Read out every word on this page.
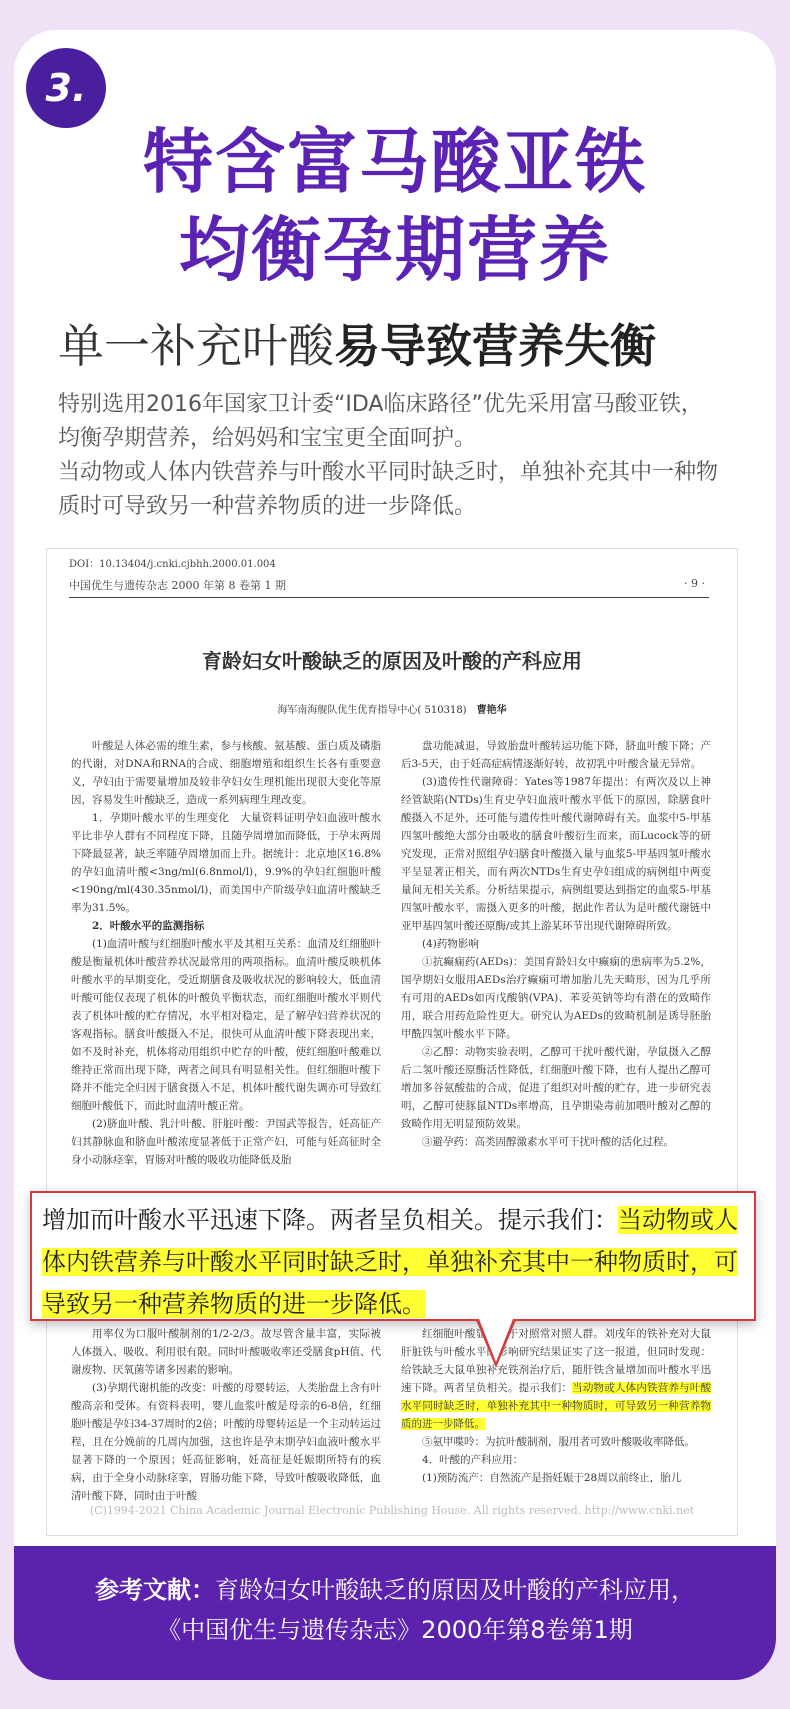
3.
特含富马酸亚铁
均衡孕期营养
单一补充叶酸易导致营养失衡

特别选用2016年国家卫计委“IDA临床路径”优先采用富马酸亚铁，均衡孕期营养，给妈妈和宝宝更全面呵护。

当动物或人体内铁营养与叶酸水平同时缺乏时，单独补充其中一种物质时可导致另一种营养物质的进一步降低。

DOI：10.13404/j.cnki.cjbhh.2000.01.004
中国优生与遗传杂志 2000 年第 8 卷第 1 期	· 9 ·
育龄妇女叶酸缺乏的原因及叶酸的产科应用
海军南海舰队优生优育指导中心( 510318) 曹艳华

叶酸是人体必需的维生素，参与核酸、氨基酸、蛋白质及磷脂的代谢，对DNA和RNA的合成、细胞增殖和组织生长各有重要意义，孕妇由于需要量增加及较非孕妇女生理机能出现很大变化等原因，容易发生叶酸缺乏，造成一系列病理生理改变。

1．孕期叶酸水平的生理变化　大量资料证明孕妇血液叶酸水平比非孕人群有不同程度下降，且随孕周增加而降低，于孕末两周下降最显著，缺乏率随孕周增加而上升。据统计：北京地区16.8%的孕妇血清叶酸<3ng/ml(6.8nmol/l)，9.9%的孕妇红细胞叶酸<190ng/ml(430.35nmol/l)，而美国中产阶级孕妇血清叶酸缺乏率为31.5%。

2．叶酸水平的监测指标

(1)血清叶酸与红细胞叶酸水平及其相互关系：血清及红细胞叶酸是衡量机体叶酸营养状况最常用的两项指标。血清叶酸反映机体叶酸水平的早期变化，受近期膳食及吸收状况的影响较大，低血清叶酸可能仅表现了机体的叶酸负平衡状态，而红细胞叶酸水平则代表了机体叶酸的贮存情况，水平相对稳定，是了解孕妇营养状况的客观指标。膳食叶酸摄入不足，很快可从血清叶酸下降表现出来，如不及时补充，机体将动用组织中贮存的叶酸，使红细胞叶酸难以维持正常而出现下降，两者之间具有明显相关性。但红细胞叶酸下降并不能完全归因于膳食摄入不足，机体叶酸代谢失调亦可导致红细胞叶酸低下，而此时血清叶酸正常。

(2)脐血叶酸、乳汁叶酸、肝脏叶酸：尹国武等报告，妊高征产妇其静脉血和脐血叶酸浓度显著低于正常产妇，可能与妊高征时全身小动脉痉挛，胃肠对叶酸的吸收功能降低及胎

盘功能减退，导致胎盘叶酸转运功能下降，脐血叶酸下降；产后3-5天，由于妊高症病情逐渐好转，故初乳中叶酸含量无异常。

(3)遗传性代谢障碍：Yates等1987年提出：有两次及以上神经管缺陷(NTDs)生育史孕妇血液叶酸水平低下的原因，除膳食叶酸摄入不足外，还可能与遗传性叶酸代谢障碍有关。血浆中5-甲基四氢叶酸绝大部分由吸收的膳食叶酸衍生而来，而Lucock等的研究发现，正常对照组孕妇膳食叶酸摄入量与血浆5-甲基四氢叶酸水平呈显著正相关，而有两次NTDs生育史孕妇组成的病例组中两变量间无相关关系。分析结果提示，病例组要达到指定的血浆5-甲基四氢叶酸水平，需摄入更多的叶酸，据此作者认为是叶酸代谢链中亚甲基四氢叶酸还原酶/或其上游某环节出现代谢障碍所致。

(4)药物影响

①抗癫痫药(AEDs)：美国育龄妇女中癫痫的患病率为5.2%，国孕期妇女服用AEDs治疗癫痫可增加胎儿先天畸形，因为几乎所有可用的AEDs如丙戊酸钠(VPA)、苯妥英钠等均有潜在的致畸作用，联合用药危险性更大。研究认为AEDs的致畸机制是诱导胚胎甲酰四氢叶酸水平下降。

②乙醇：动物实验表明，乙醇可干扰叶酸代谢，孕鼠摄入乙醇后二氢叶酸还原酶活性降低，红细胞叶酸下降，也有人提出乙醇可增加多谷氨酸盐的合成，促进了组织对叶酸的贮存，进一步研究表明，乙醇可使豚鼠NTDs率增高，且孕期染毒前加喂叶酸对乙醇的致畸作用无明显预防效果。

③避孕药：高类固醇激素水平可干扰叶酸的活化过程。

用率仅为口服叶酸制剂的1/2-2/3。故尽管含量丰富，实际被人体摄入、吸收、利用很有限。同时叶酸吸收率还受膳食pH值、代谢废物、厌氧菌等诸多因素的影响。

(3)孕期代谢机能的改变：叶酸的母婴转运，人类胎盘上含有叶酸高亲和受体。有资料表明，婴儿血浆叶酸是母亲的6-8倍，红细胞叶酸是孕妇34-37周时的2倍；叶酸的母婴转运是一个主动转运过程，且在分娩前的几周内加强，这也许是孕末期孕妇血液叶酸水平显著下降的一个原因；妊高征影响，妊高征是妊娠期所特有的疾病，由于全身小动脉痉挛，胃肠功能下降，导致叶酸吸收降低，血清叶酸下降，同时由于叶酸

红细胞叶酸显著高于对照常对照人群。刘戌年的铁补充对大鼠肝脏铁与叶酸水平的影响研究结果证实了这一报道，但同时发现：给铁缺乏大鼠单独补充铁剂治疗后，随肝铁含量增加而叶酸水平迅速下降。两者呈负相关。提示我们：当动物或人体内铁营养与叶酸水平同时缺乏时，单独补充其中一种物质时，可导致另一种营养物质的进一步降低。

⑤氨甲喋呤：为抗叶酸制剂，服用者可致叶酸吸收率降低。

4．叶酸的产科应用：

(1)预防流产：自然流产是指妊娠于28周以前终止，胎儿

(C)1994-2021 China Academic Journal Electronic Publishing House. All rights reserved. http://www.cnki.net
增加而叶酸水平迅速下降。两者呈负相关。提示我们：当动物或人体内铁营养与叶酸水平同时缺乏时，单独补充其中一种物质时，可导致另一种营养物质的进一步降低。
参考文献：育龄妇女叶酸缺乏的原因及叶酸的产科应用，
《中国优生与遗传杂志》2000年第8卷第1期
